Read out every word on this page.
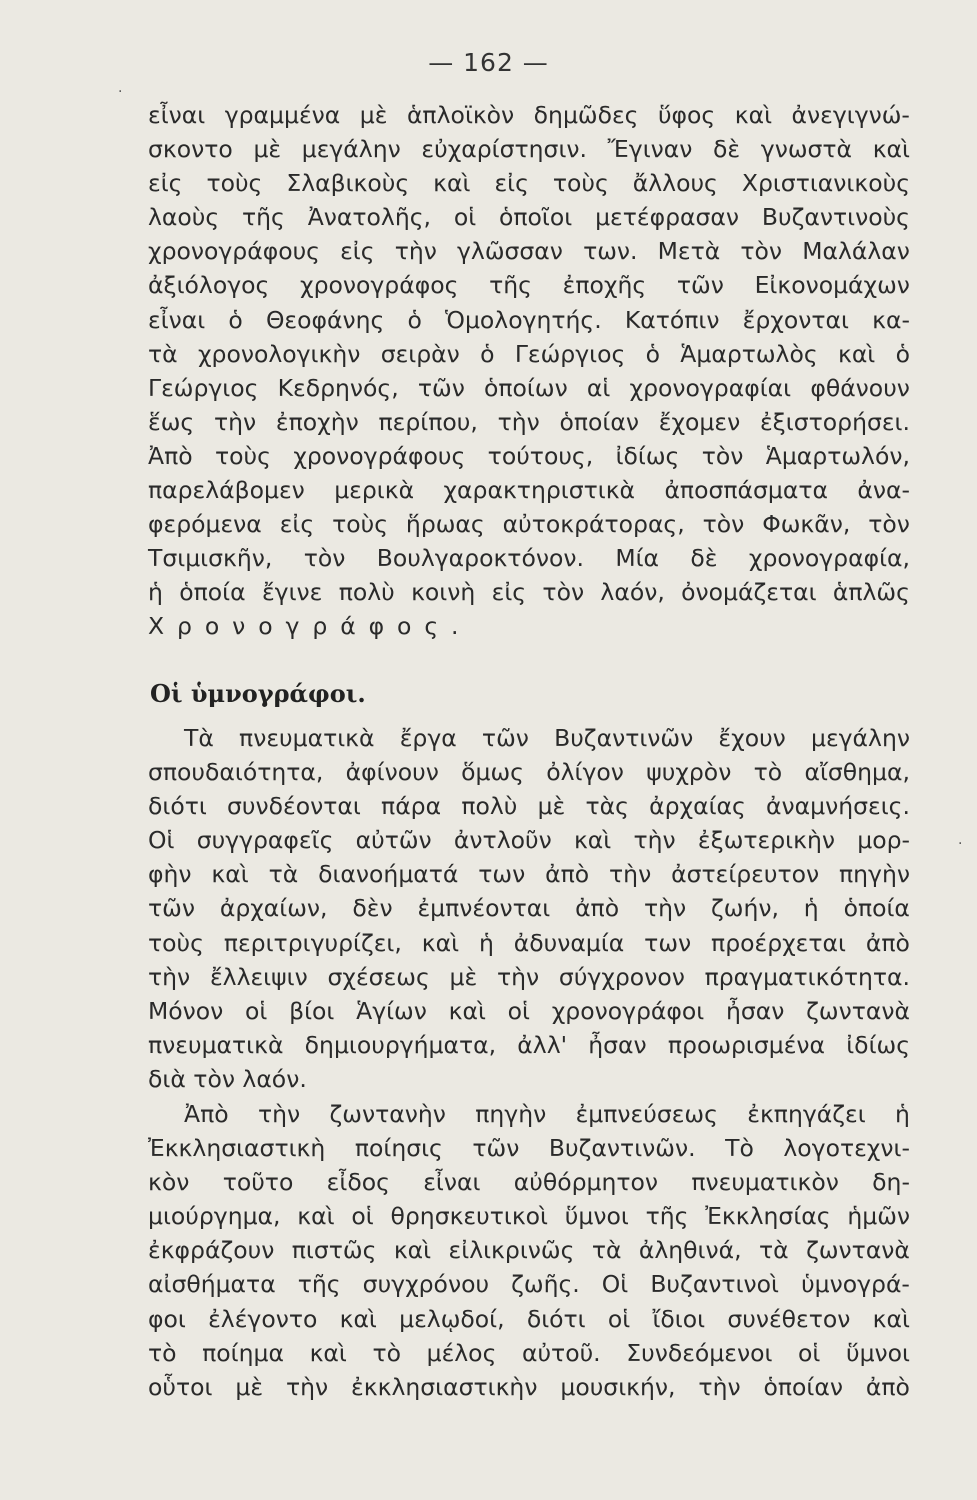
— 162 —
εἶναι γραμμένα μὲ ἁπλοϊκὸν δημῶδες ὕφος καὶ ἀνεγιγνώ-
σκοντο μὲ μεγάλην εὐχαρίστησιν. Ἔγιναν δὲ γνωστὰ καὶ
εἰς τοὺς Σλαβικοὺς καὶ εἰς τοὺς ἄλλους Χριστιανικοὺς
λαοὺς τῆς Ἀνατολῆς, οἱ ὁποῖοι μετέφρασαν Βυζαντινοὺς
χρονογράφους εἰς τὴν γλῶσσαν των. Μετὰ τὸν Μαλάλαν
ἀξιόλογος χρονογράφος τῆς ἐποχῆς τῶν Εἰκονομάχων
εἶναι ὁ Θεοφάνης ὁ Ὁμολογητής. Κατόπιν ἔρχονται κα-
τὰ χρονολογικὴν σειρὰν ὁ Γεώργιος ὁ Ἁμαρτωλὸς καὶ ὁ
Γεώργιος Κεδρηνός, τῶν ὁποίων αἱ χρονογραφίαι φθάνουν
ἕως τὴν ἐποχὴν περίπου, τὴν ὁποίαν ἔχομεν ἐξιστορήσει.
Ἀπὸ τοὺς χρονογράφους τούτους, ἰδίως τὸν Ἁμαρτωλόν,
παρελάβομεν μερικὰ χαρακτηριστικὰ ἀποσπάσματα ἀνα-
φερόμενα εἰς τοὺς ἥρωας αὐτοκράτορας, τὸν Φωκᾶν, τὸν
Τσιμισκῆν, τὸν Βουλγαροκτόνον. Μία δὲ χρονογραφία,
ἡ ὁποία ἔγινε πολὺ κοινὴ εἰς τὸν λαόν, ὀνομάζεται ἁπλῶς
Χρονογράφος.
Οἱ ὑμνογράφοι.
Τὰ πνευματικὰ ἔργα τῶν Βυζαντινῶν ἔχουν μεγάλην
σπουδαιότητα, ἀφίνουν ὅμως ὀλίγον ψυχρὸν τὸ αἴσθημα,
διότι συνδέονται πάρα πολὺ μὲ τὰς ἀρχαίας ἀναμνήσεις.
Οἱ συγγραφεῖς αὐτῶν ἀντλοῦν καὶ τὴν ἐξωτερικὴν μορ-
φὴν καὶ τὰ διανοήματά των ἀπὸ τὴν ἀστείρευτον πηγὴν
τῶν ἀρχαίων, δὲν ἐμπνέονται ἀπὸ τὴν ζωήν, ἡ ὁποία
τοὺς περιτριγυρίζει, καὶ ἡ ἀδυναμία των προέρχεται ἀπὸ
τὴν ἔλλειψιν σχέσεως μὲ τὴν σύγχρονον πραγματικότητα.
Μόνον οἱ βίοι Ἁγίων καὶ οἱ χρονογράφοι ἦσαν ζωντανὰ
πνευματικὰ δημιουργήματα, ἀλλ' ἦσαν προωρισμένα ἰδίως
διὰ τὸν λαόν.
Ἀπὸ τὴν ζωντανὴν πηγὴν ἐμπνεύσεως ἐκπηγάζει ἡ
Ἐκκλησιαστικὴ ποίησις τῶν Βυζαντινῶν. Τὸ λογοτεχνι-
κὸν τοῦτο εἶδος εἶναι αὐθόρμητον πνευματικὸν δη-
μιούργημα, καὶ οἱ θρησκευτικοὶ ὕμνοι τῆς Ἐκκλησίας ἡμῶν
ἐκφράζουν πιστῶς καὶ εἰλικρινῶς τὰ ἀληθινά, τὰ ζωντανὰ
αἰσθήματα τῆς συγχρόνου ζωῆς. Οἱ Βυζαντινοὶ ὑμνογρά-
φοι ἐλέγοντο καὶ μελῳδοί, διότι οἱ ἴδιοι συνέθετον καὶ
τὸ ποίημα καὶ τὸ μέλος αὐτοῦ. Συνδεόμενοι οἱ ὕμνοι
οὗτοι μὲ τὴν ἐκκλησιαστικὴν μουσικήν, τὴν ὁποίαν ἀπὸ
·
·
